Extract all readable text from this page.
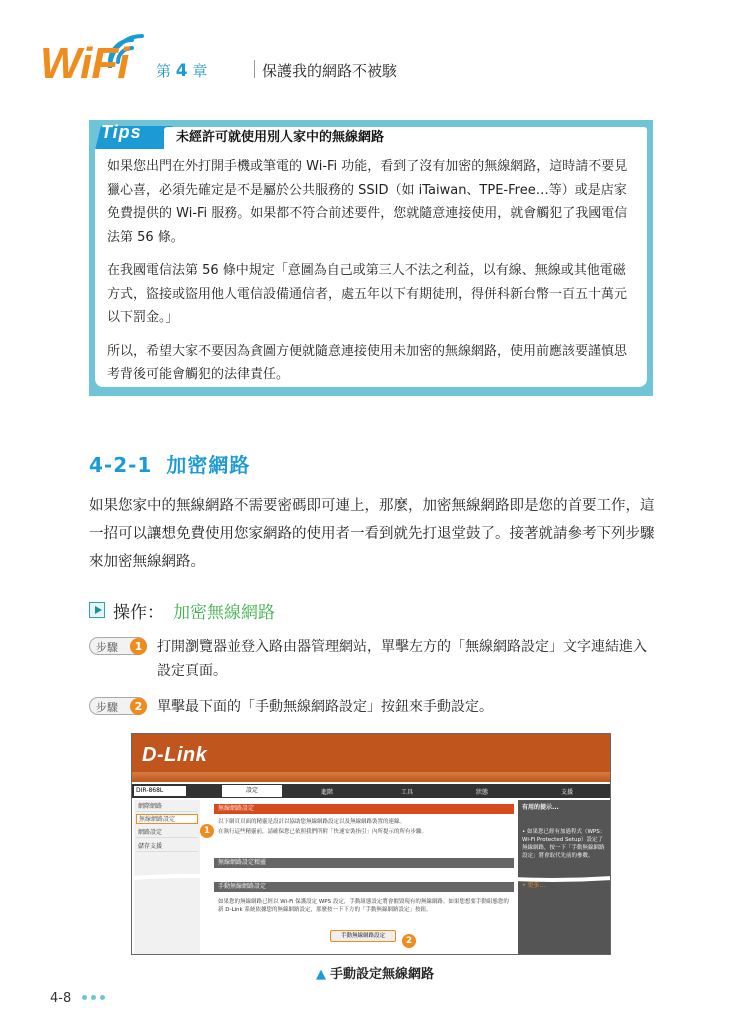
WiFi 第 4 章	保護我的網路不被駭
Tips	未經許可就使用別人家中的無線網路

如果您出門在外打開手機或筆電的 Wi-Fi 功能，看到了沒有加密的無線網路，這時請不要見獵心喜，必須先確定是不是屬於公共服務的 SSID（如 iTaiwan、TPE-Free…等）或是店家免費提供的 Wi-Fi 服務。如果都不符合前述要件，您就隨意連接使用，就會觸犯了我國電信法第 56 條。

在我國電信法第 56 條中規定「意圖為自己或第三人不法之利益，以有線、無線或其他電磁方式，盜接或盜用他人電信設備通信者，處五年以下有期徒刑，得併科新台幣一百五十萬元以下罰金。」

所以，希望大家不要因為貪圖方便就隨意連接使用未加密的無線網路，使用前應該要謹慎思考背後可能會觸犯的法律責任。

4-2-1 加密網路
如果您家中的無線網路不需要密碼即可連上，那麼，加密無線網路即是您的首要工作，這一招可以讓想免費使用您家網路的使用者一看到就先打退堂鼓了。接著就請參考下列步驟來加密無線網路。
操作： 加密無線網路
步驟	1	打開瀏覽器並登入路由器管理網站，單擊左方的「無線網路設定」文字連結進入設定頁面。
步驟	2	單擊最下面的「手動無線網路設定」按鈕來手動設定。
D-Link
DIR-868L	設定	進階	工具	狀態	支援
網際網路
無線網路設定
網路設定
儲存支援
無線網路設定
以下網頁頁面的精靈是設計以協助您無線網路設定以及無線網路裝置的連線。
在執行這些精靈前，請確保您已依照我們所附「快速安裝指引」內所提示的所有步驟。
無線網路設定精靈
手動無線網路設定
如果您的無線網路已經以 Wi-Fi 保護設定 WPS 設定，手動組態設定將會摧毀現有的無線網路。如果您想要手動組態您的新 D-Link 系統依據您的無線網路設定，那麼按一下下方的「手動無線網路設定」按鈕。
手動無線網路設定
有用的提示...
• 如果您已經有加過程式（WPS：Wi-Fi Protected Setup）設定了無線網路，按一下「手動無線網路設定」將會取代先前的參數。
• 更多...
1
2
▲ 手動設定無線網路
4-8
